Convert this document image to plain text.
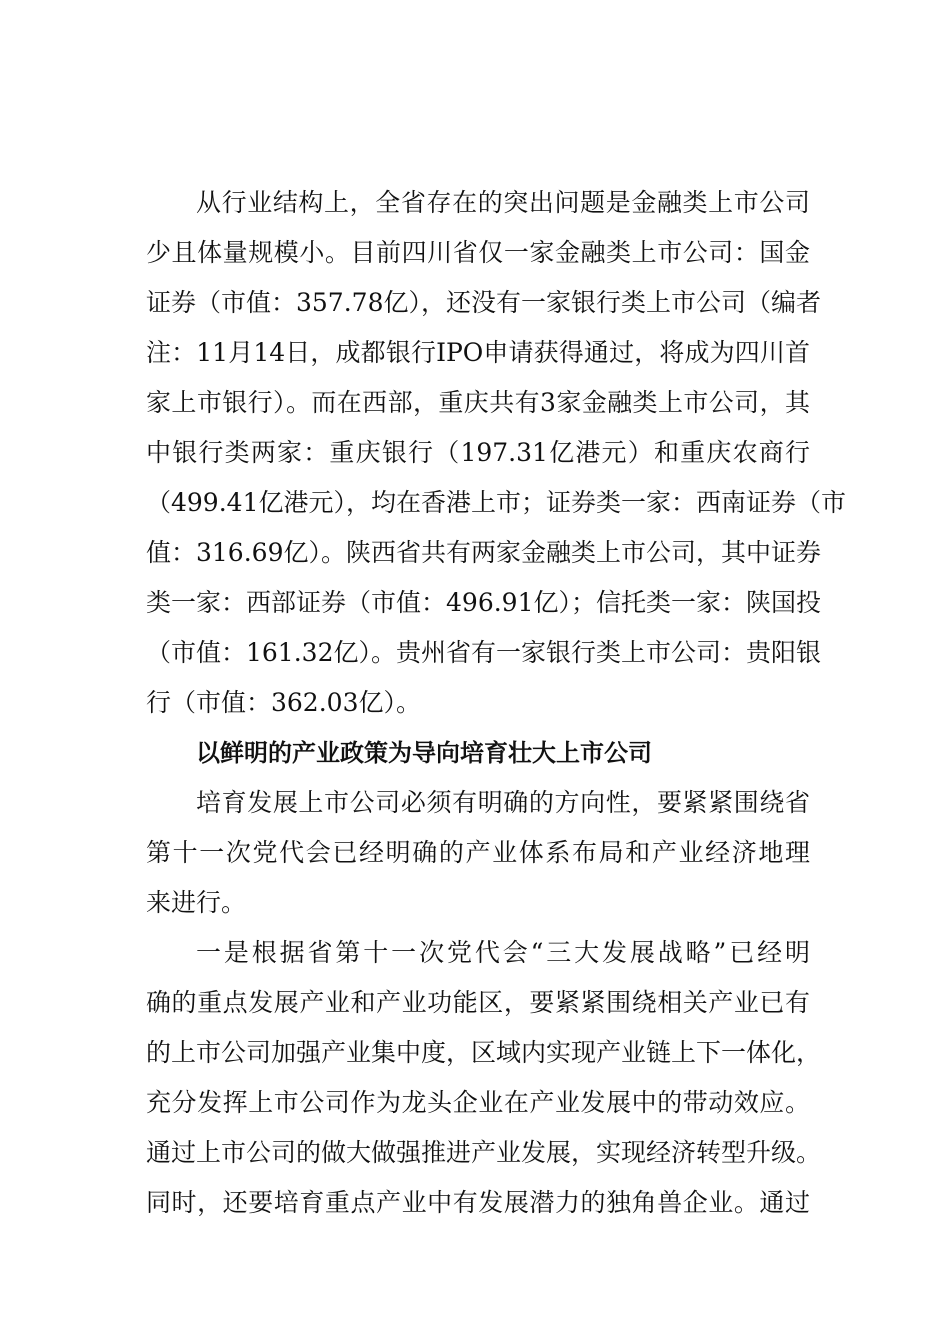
从行业结构上，全省存在的突出问题是金融类上市公司
少且体量规模小。目前四川省仅一家金融类上市公司：国金
证券（市值：357.78亿），还没有一家银行类上市公司（编者
注：11月14日，成都银行IPO申请获得通过，将成为四川首
家上市银行）。而在西部，重庆共有3家金融类上市公司，其
中银行类两家：重庆银行（197.31亿港元）和重庆农商行
（499.41亿港元），均在香港上市；证券类一家：西南证券（市
值：316.69亿）。陕西省共有两家金融类上市公司，其中证券
类一家：西部证券（市值：496.91亿）；信托类一家：陕国投
（市值：161.32亿）。贵州省有一家银行类上市公司：贵阳银
行（市值：362.03亿）。
以鲜明的产业政策为导向培育壮大上市公司
培育发展上市公司必须有明确的方向性，要紧紧围绕省
第十一次党代会已经明确的产业体系布局和产业经济地理
来进行。
一是根据省第十一次党代会“三大发展战略”已经明
确的重点发展产业和产业功能区，要紧紧围绕相关产业已有
的上市公司加强产业集中度，区域内实现产业链上下一体化，
充分发挥上市公司作为龙头企业在产业发展中的带动效应。
通过上市公司的做大做强推进产业发展，实现经济转型升级。
同时，还要培育重点产业中有发展潜力的独角兽企业。通过
